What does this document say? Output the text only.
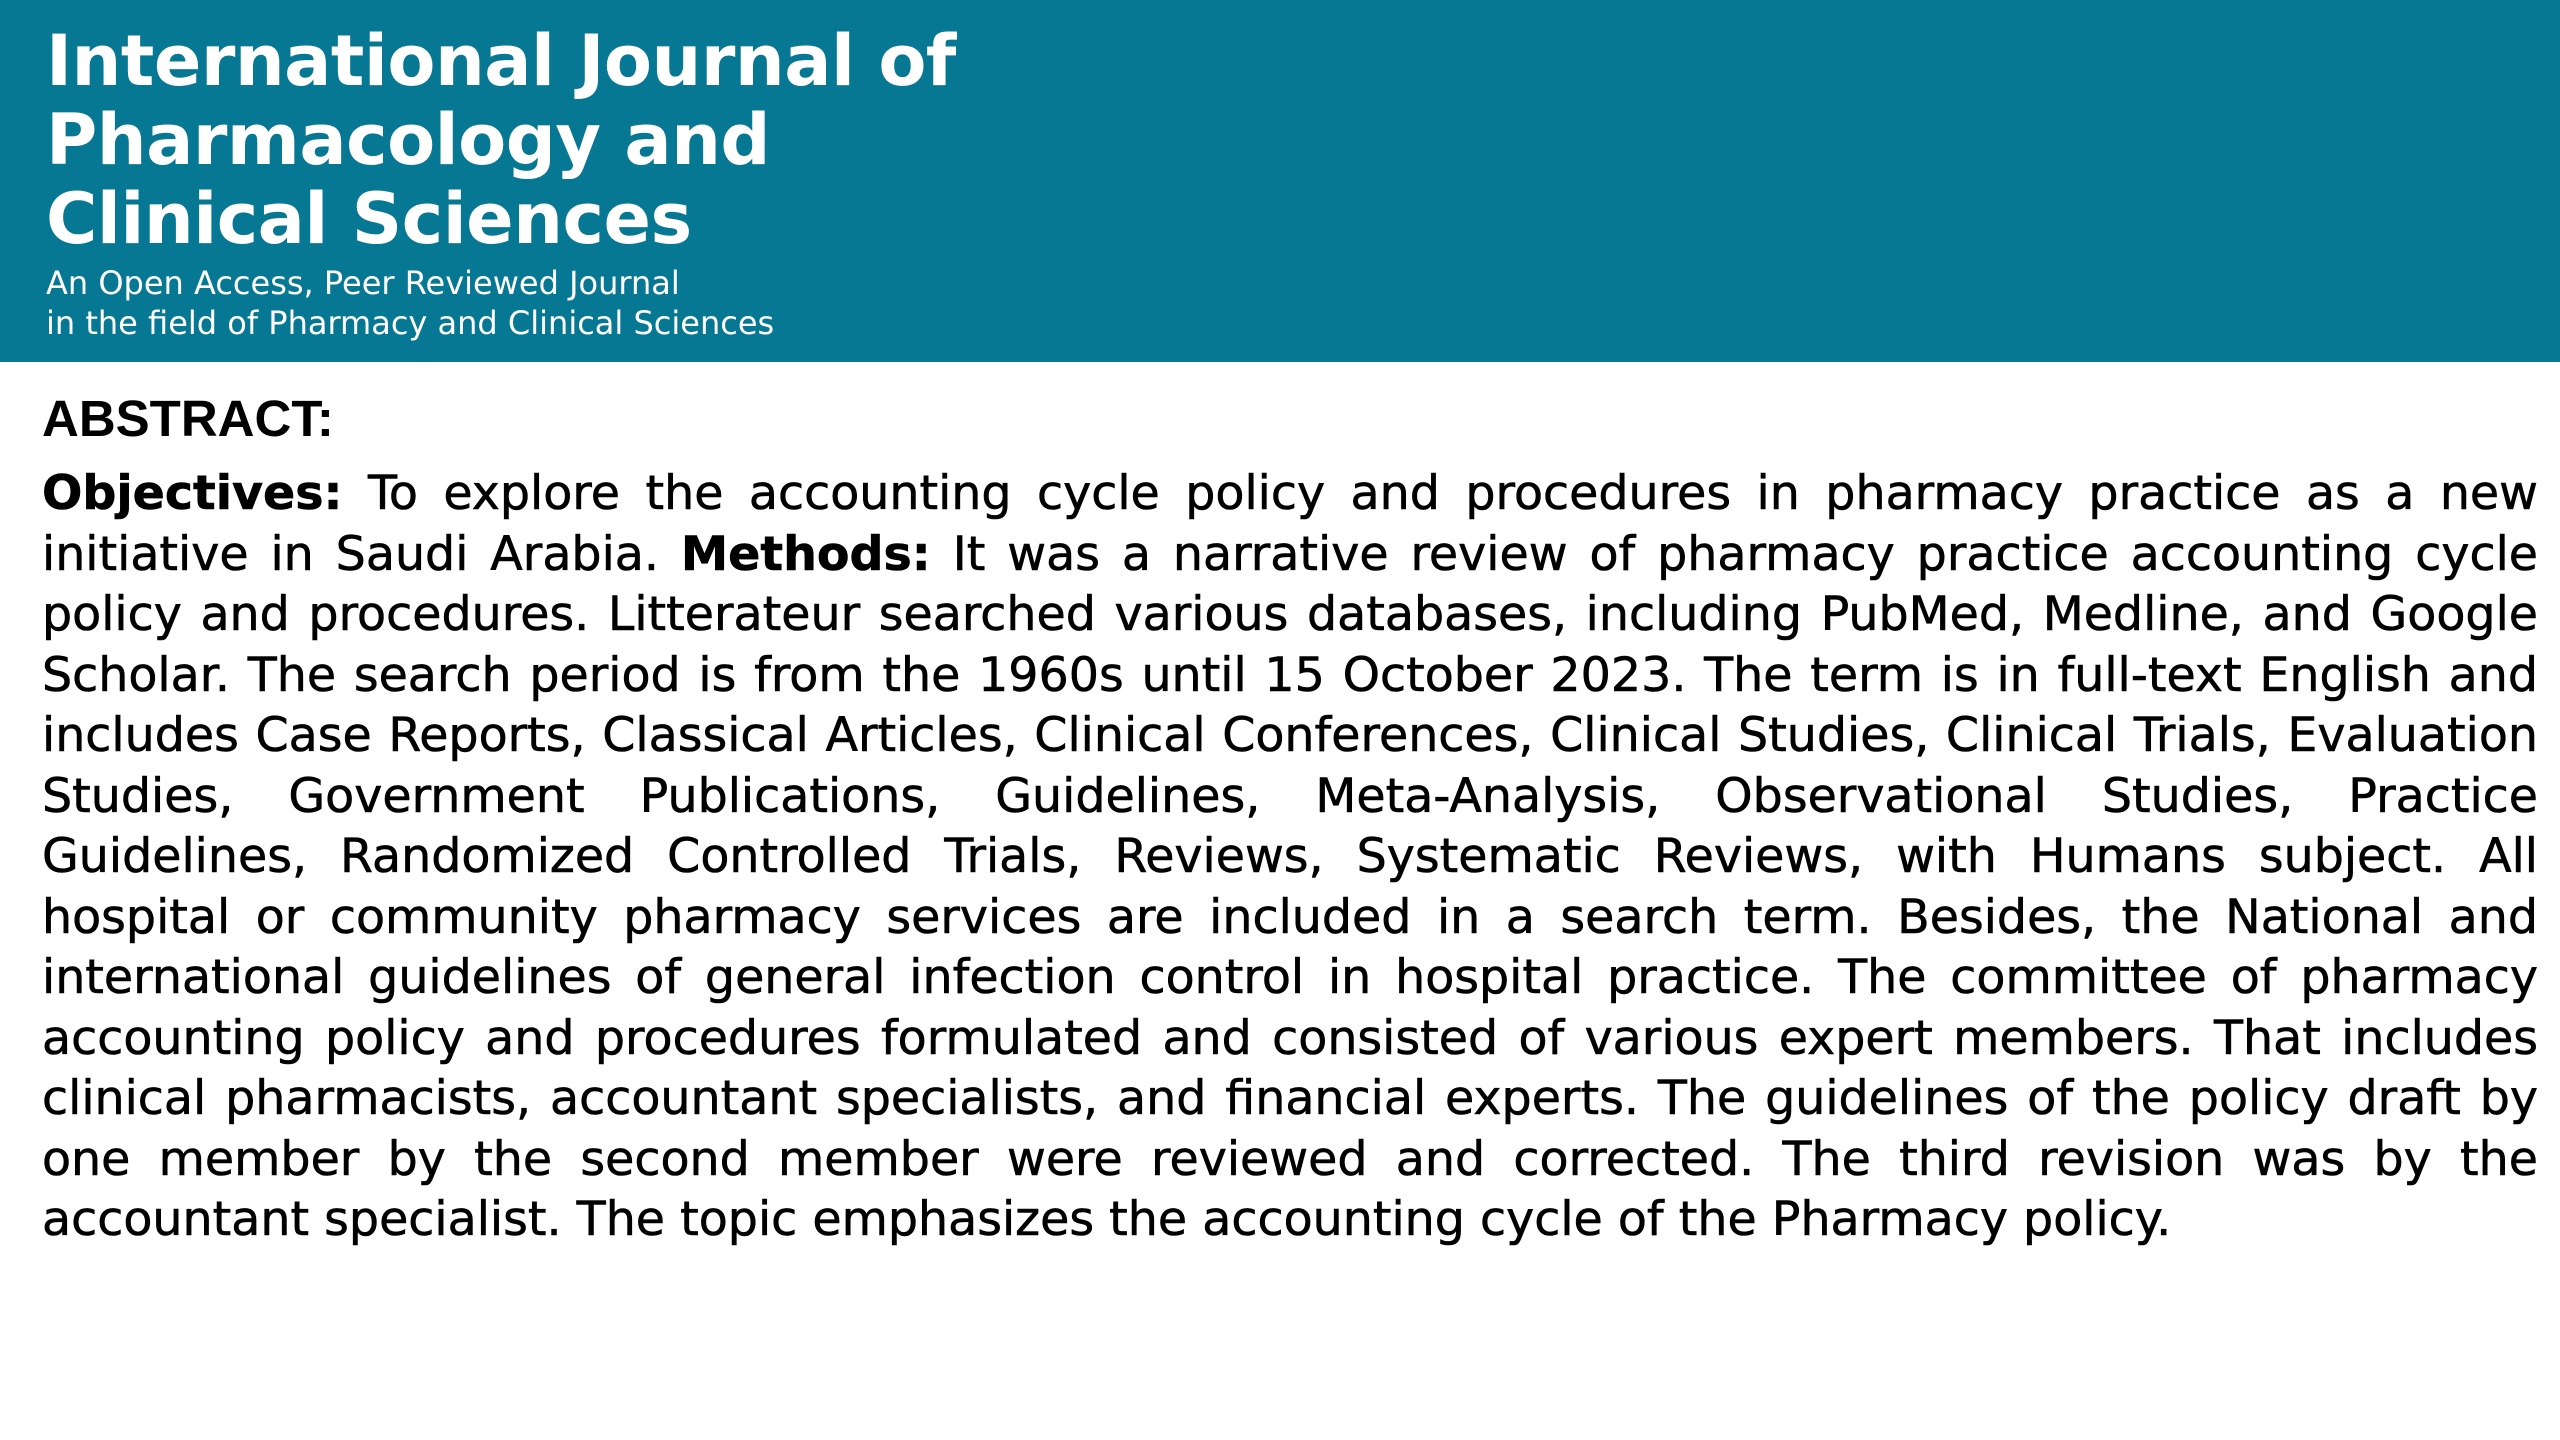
International Journal of
Pharmacology and
Clinical Sciences

An Open Access, Peer Reviewed Journal
in the field of Pharmacy and Clinical Sciences

ABSTRACT:

Objectives: To explore the accounting cycle policy and procedures in pharmacy practice as a new initiative in Saudi Arabia. Methods: It was a narrative review of pharmacy practice accounting cycle policy and procedures. Litterateur searched various databases, including PubMed, Medline, and Google Scholar. The search period is from the 1960s until 15 October 2023. The term is in full-text English and includes Case Reports, Classical Articles, Clinical Conferences, Clinical Studies, Clinical Trials, Evaluation Studies, Government Publications, Guidelines, Meta-Analysis, Observational Studies, Practice Guidelines, Randomized Controlled Trials, Reviews, Systematic Reviews, with Humans subject. All hospital or community pharmacy services are included in a search term. Besides, the National and international guidelines of general infection control in hospital practice. The committee of pharmacy accounting policy and procedures formulated and consisted of various expert members. That includes clinical pharmacists, accountant specialists, and financial experts. The guidelines of the policy draft by one member by the second member were reviewed and corrected. The third revision was by the accountant specialist. The topic emphasizes the accounting cycle of the Pharmacy policy.
